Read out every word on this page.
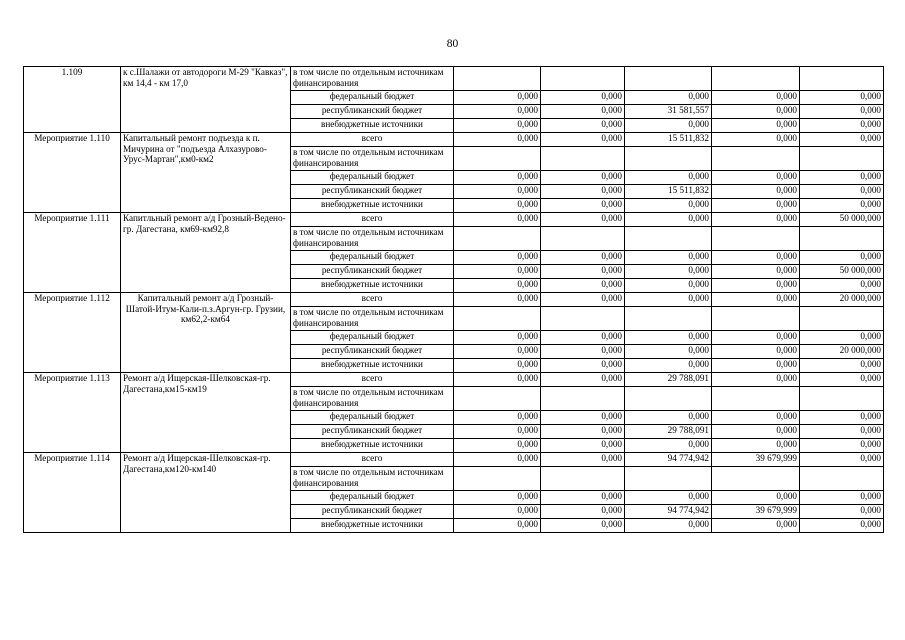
80
1.109	к с.Шалажи от автодороги М-29 "Кавказ", км 14,4 - км 17,0	в том числе по отдельным источникам финансирования					
		федеральный бюджет	0,000	0,000	0,000	0,000	0,000
		республиканский бюджет	0,000	0,000	31 581,557	0,000	0,000
		внебюджетные источники	0,000	0,000	0,000	0,000	0,000
Мероприятие 1.110	Капитальный ремонт подъезда к п. Мичурина от "подъезда Алхазурово-Урус-Мартан",км0-км2	всего	0,000	0,000	15 511,832	0,000	0,000
		в том числе по отдельным источникам финансирования					
		федеральный бюджет	0,000	0,000	0,000	0,000	0,000
		республиканский бюджет	0,000	0,000	15 511,832	0,000	0,000
		внебюджетные источники	0,000	0,000	0,000	0,000	0,000
Мероприятие 1.111	Капитльный ремонт а/д Грозный-Ведено-гр. Дагестана, км69-км92,8	всего	0,000	0,000	0,000	0,000	50 000,000
		в том числе по отдельным источникам финансирования					
		федеральный бюджет	0,000	0,000	0,000	0,000	0,000
		республиканский бюджет	0,000	0,000	0,000	0,000	50 000,000
		внебюджетные источники	0,000	0,000	0,000	0,000	0,000
Мероприятие 1.112	Капитальный ремонт а/д Грозный-Шатой-Итум-Кали-п.з.Аргун-гр. Грузии, км62,2-км64	всего	0,000	0,000	0,000	0,000	20 000,000
		в том числе по отдельным источникам финансирования					
		федеральный бюджет	0,000	0,000	0,000	0,000	0,000
		республиканский бюджет	0,000	0,000	0,000	0,000	20 000,000
		внебюджетные источники	0,000	0,000	0,000	0,000	0,000
Мероприятие 1.113	Ремонт а/д Ищерская-Шелковская-гр. Дагестана,км15-км19	всего	0,000	0,000	29 788,091	0,000	0,000
		в том числе по отдельным источникам финансирования					
		федеральный бюджет	0,000	0,000	0,000	0,000	0,000
		республиканский бюджет	0,000	0,000	29 788,091	0,000	0,000
		внебюджетные источники	0,000	0,000	0,000	0,000	0,000
Мероприятие 1.114	Ремонт а/д Ищерская-Шелковская-гр. Дагестана,км120-км140	всего	0,000	0,000	94 774,942	39 679,999	0,000
		в том числе по отдельным источникам финансирования					
		федеральный бюджет	0,000	0,000	0,000	0,000	0,000
		республиканский бюджет	0,000	0,000	94 774,942	39 679,999	0,000
		внебюджетные источники	0,000	0,000	0,000	0,000	0,000
